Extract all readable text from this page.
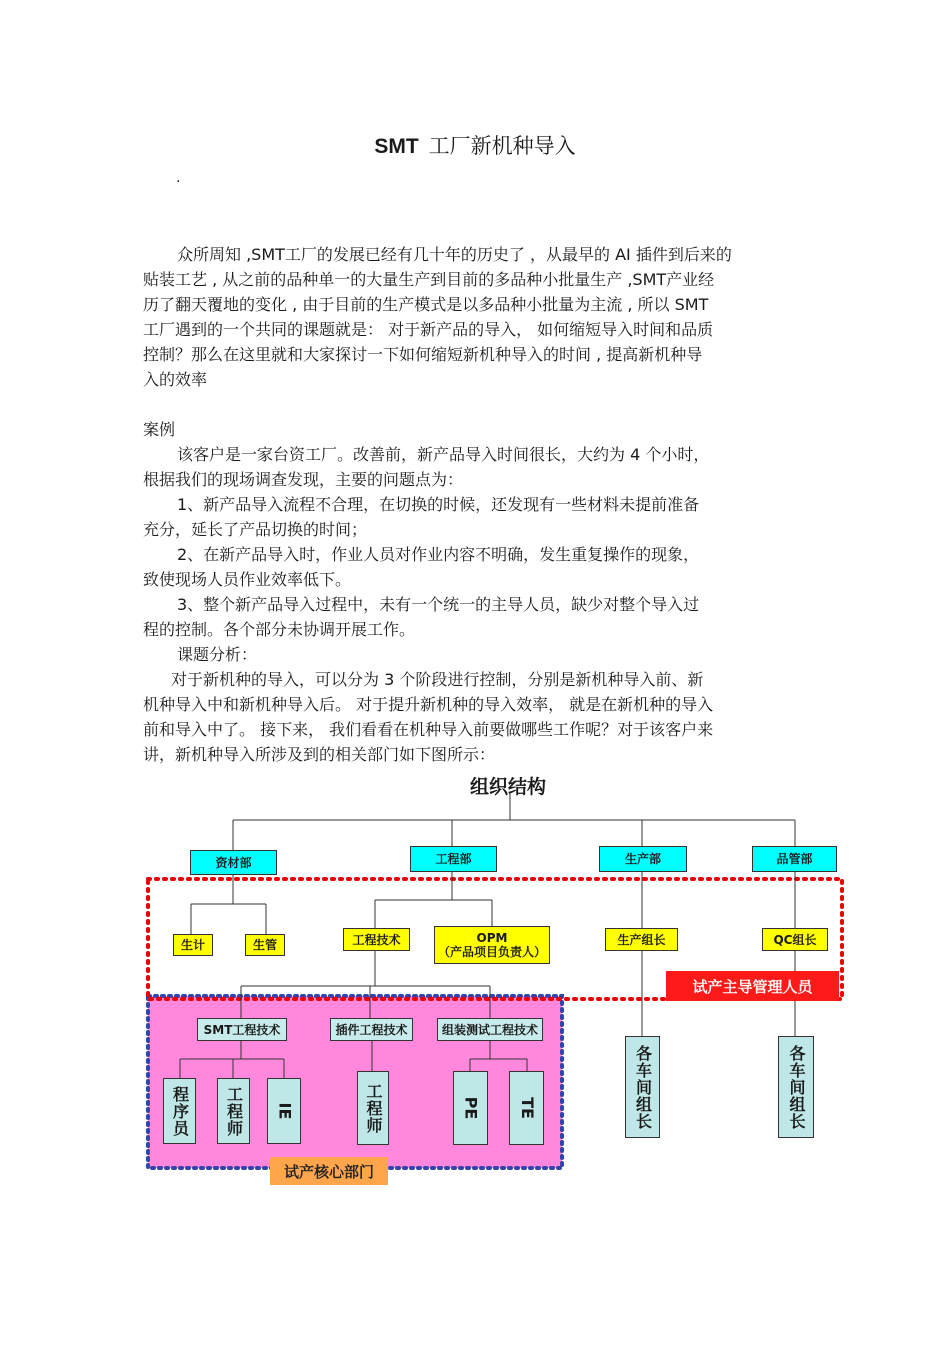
SMT 工厂新机种导入
.

众所周知 ,SMT工厂的发展已经有几十年的历史了 ，从最早的 AI 插件到后来的

贴装工艺 , 从之前的品种单一的大量生产到目前的多品种小批量生产 ,SMT产业经

历了翻天覆地的变化 , 由于目前的生产模式是以多品种小批量为主流 , 所以 SMT

工厂遇到的一个共同的课题就是： 对于新产品的导入， 如何缩短导入时间和品质

控制？那么在这里就和大家探讨一下如何缩短新机种导入的时间 , 提高新机种导

入的效率

案例

该客户是一家台资工厂。改善前，新产品导入时间很长，大约为 4 个小时，

根据我们的现场调查发现，主要的问题点为：

1、新产品导入流程不合理，在切换的时候，还发现有一些材料未提前准备

充分，延长了产品切换的时间；

2、在新产品导入时，作业人员对作业内容不明确，发生重复操作的现象，

致使现场人员作业效率低下。

3、整个新产品导入过程中，未有一个统一的主导人员，缺少对整个导入过

程的控制。各个部分未协调开展工作。

课题分析：

对于新机种的导入，可以分为 3 个阶段进行控制，分别是新机种导入前、新

机种导入中和新机种导入后。 对于提升新机种的导入效率， 就是在新机种的导入

前和导入中了。 接下来， 我们看看在机种导入前要做哪些工作呢？对于该客户来

讲，新机种导入所涉及到的相关部门如下图所示：

组织结构
资材部	工程部	生产部	品管部
生计	生管	工程技术	OPM
（产品项目负责人）
生产组长	QC组长
SMT工程技术	插件工程技术	组装测试工程技术
程序员	工程师	IE	工程师	PE TE	各车间组长	各车间组长
试产主导管理人员
试产核心部门
